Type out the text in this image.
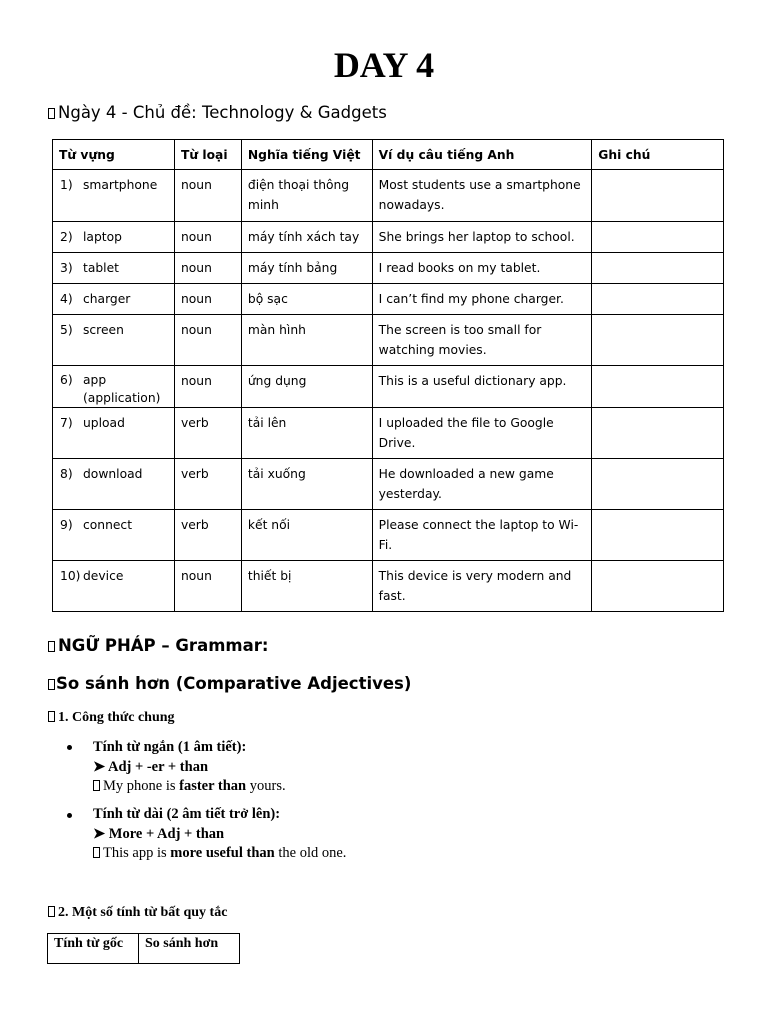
DAY 4
Ngày 4 - Chủ đề: Technology & Gadgets
Từ vựng	Từ loại	Nghĩa tiếng Việt	Ví dụ câu tiếng Anh	Ghi chú

1) smartphone	noun	điện thoại thông minh	Most students use a smartphone nowadays.	

2) laptop	noun	máy tính xách tay	She brings her laptop to school.	

3) tablet	noun	máy tính bảng	I read books on my tablet.	

4) charger	noun	bộ sạc	I can’t find my phone charger.	

5) screen	noun	màn hình	The screen is too small for watching movies.	

6) app (application)	noun	ứng dụng	This is a useful dictionary app.	

7) upload	verb	tải lên	I uploaded the file to Google Drive.	

8) download	verb	tải xuống	He downloaded a new game yesterday.	

9) connect	verb	kết nối	Please connect the laptop to Wi-Fi.	

10) device	noun	thiết bị	This device is very modern and fast.	
NGỮ PHÁP – Grammar:
So sánh hơn (Comparative Adjectives)
1. Công thức chung
Tính từ ngắn (1 âm tiết):
➤ Adj + -er + than
My phone is faster than yours.
Tính từ dài (2 âm tiết trở lên):
➤ More + Adj + than
This app is more useful than the old one.
2. Một số tính từ bất quy tắc
Tính từ gốc	So sánh hơn
